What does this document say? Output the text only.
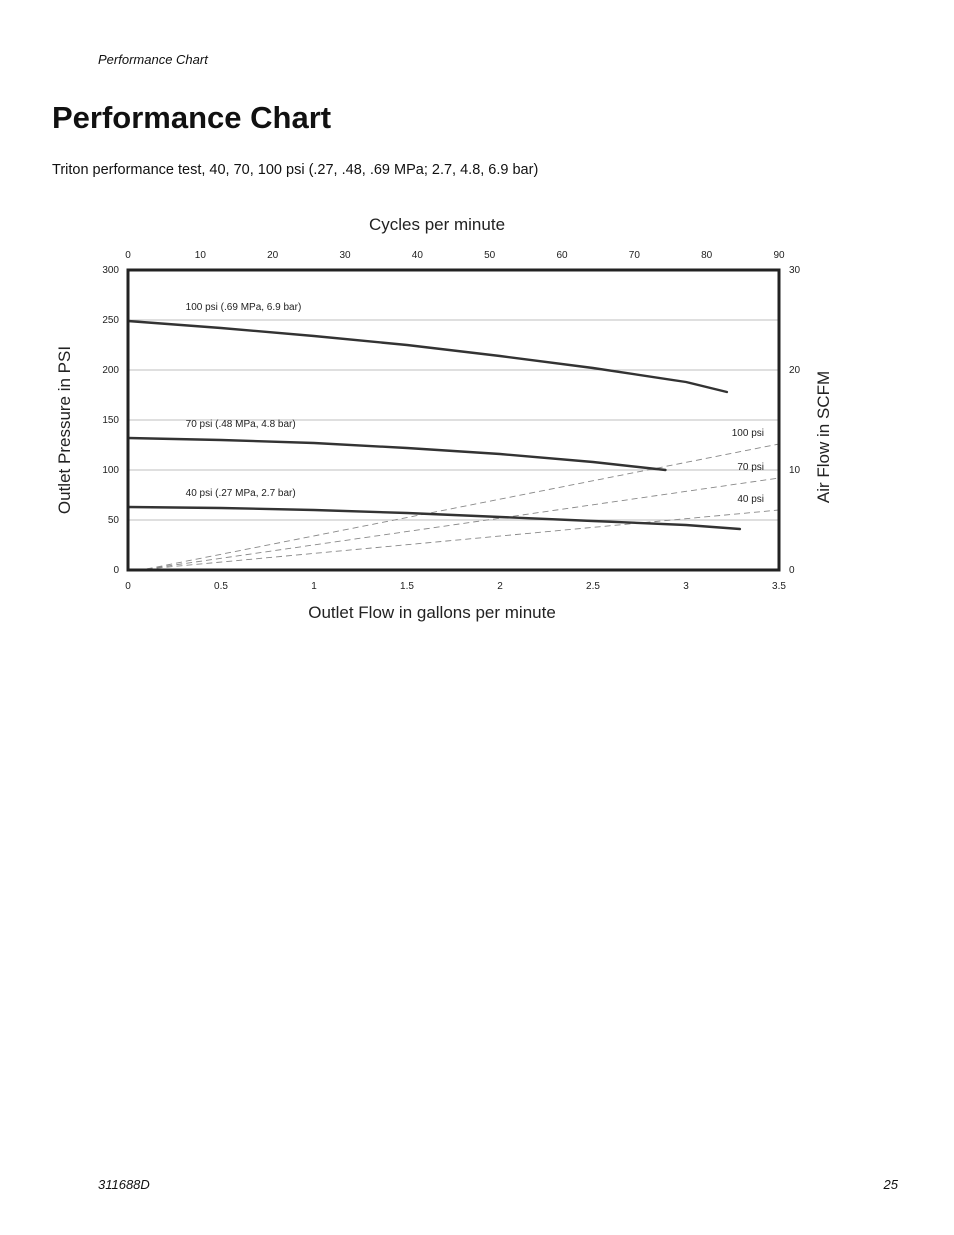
Performance Chart
Performance Chart

Triton performance test, 40, 70, 100 psi (.27, .48, .69 MPa; 2.7, 4.8, 6.9 bar)

0
50
100
150
200
250
300
0
10
20
30
0	0.5	1	1.5	2	2.5	3	3.5
0	10	20	30	40	50	60	70	80	90
100 psi
70 psi
40 psi
100 psi (.69 MPa, 6.9 bar)
70 psi (.48 MPa, 4.8 bar)
40 psi (.27 MPa, 2.7 bar)
Cycles per minute
Outlet Flow in gallons per minute
Outlet Pressure in PSI	Air Flow in SCFM
311688D	25
